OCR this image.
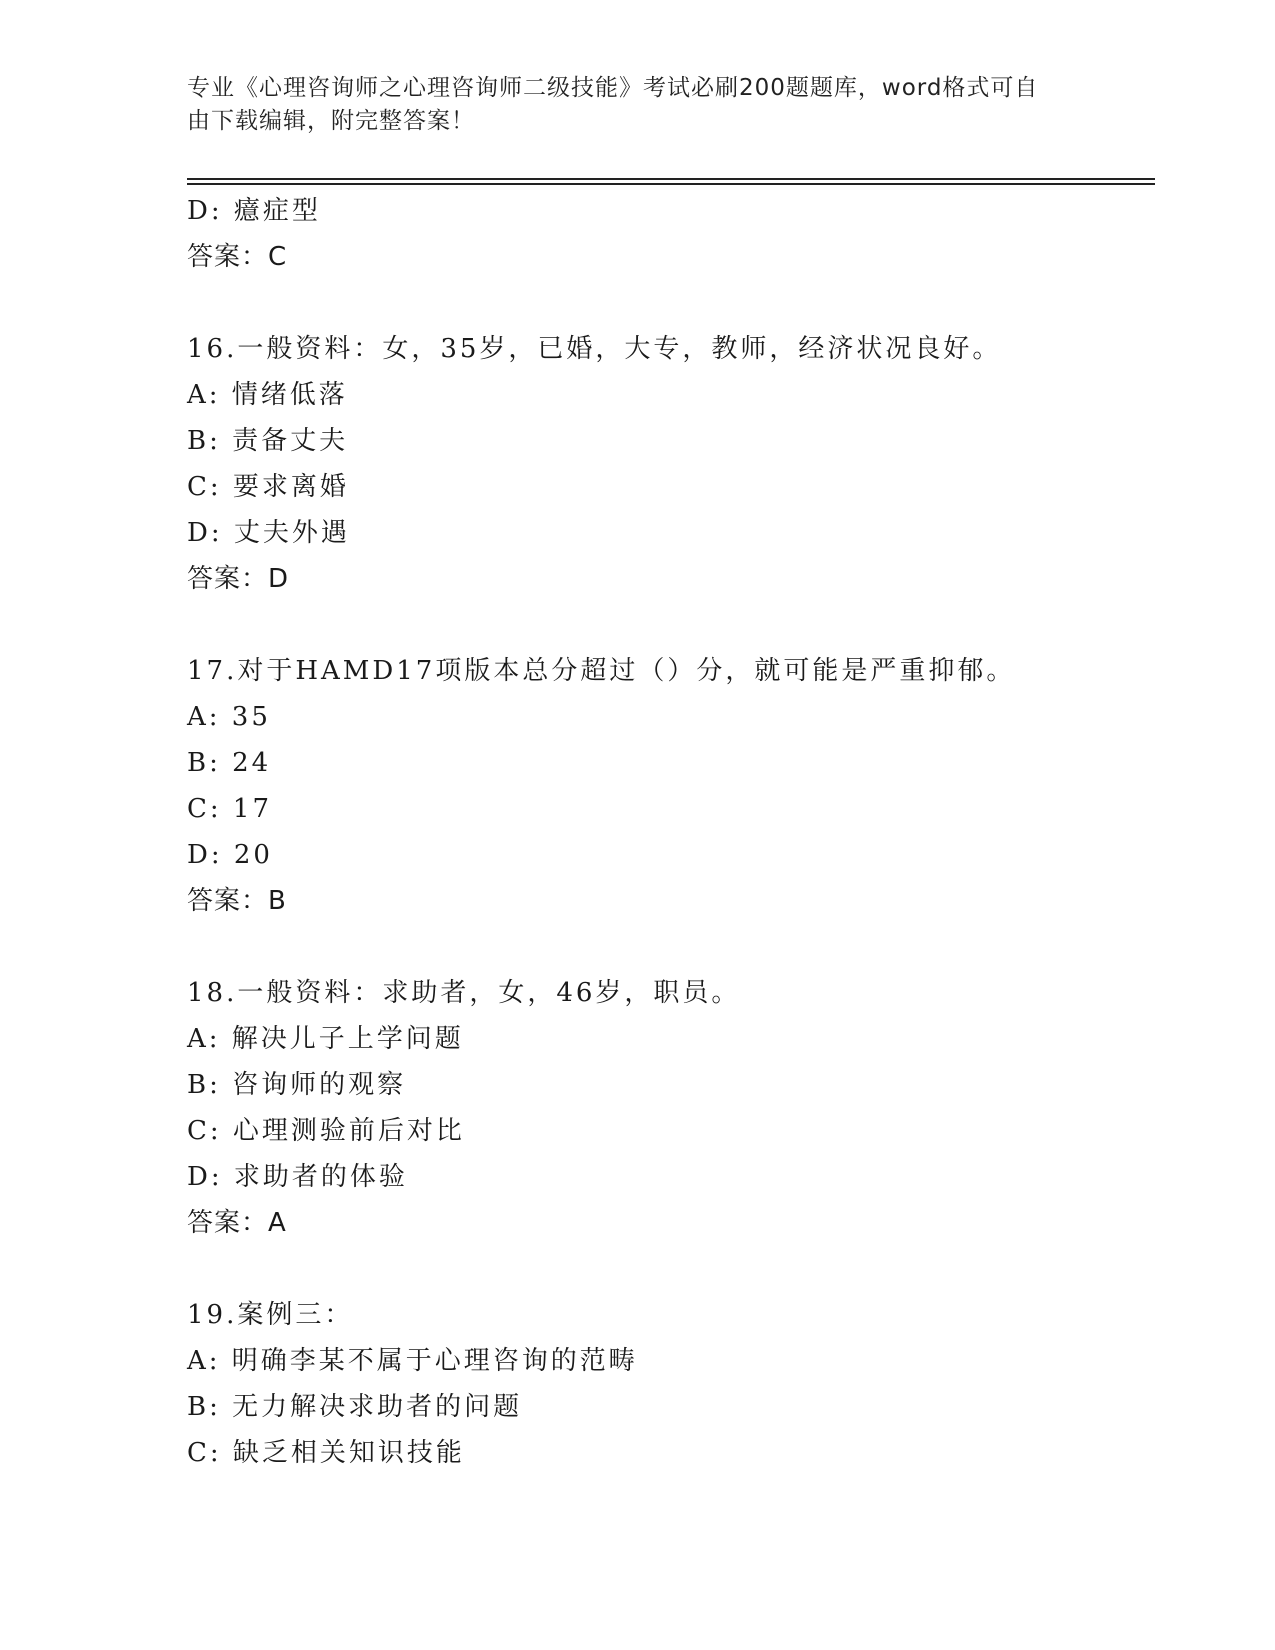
专业《心理咨询师之心理咨询师二级技能》考试必刷200题题库，word格式可自
由下载编辑，附完整答案！
D: 癔症型
答案：C
16.一般资料：女，35岁，已婚，大专，教师，经济状况良好。
A: 情绪低落
B: 责备丈夫
C: 要求离婚
D: 丈夫外遇
答案：D
17.对于HAMD17项版本总分超过（）分，就可能是严重抑郁。
A: 35
B: 24
C: 17
D: 20
答案：B
18.一般资料：求助者，女，46岁，职员。
A: 解决儿子上学问题
B: 咨询师的观察
C: 心理测验前后对比
D: 求助者的体验
答案：A
19.案例三：
A: 明确李某不属于心理咨询的范畴
B: 无力解决求助者的问题
C: 缺乏相关知识技能
